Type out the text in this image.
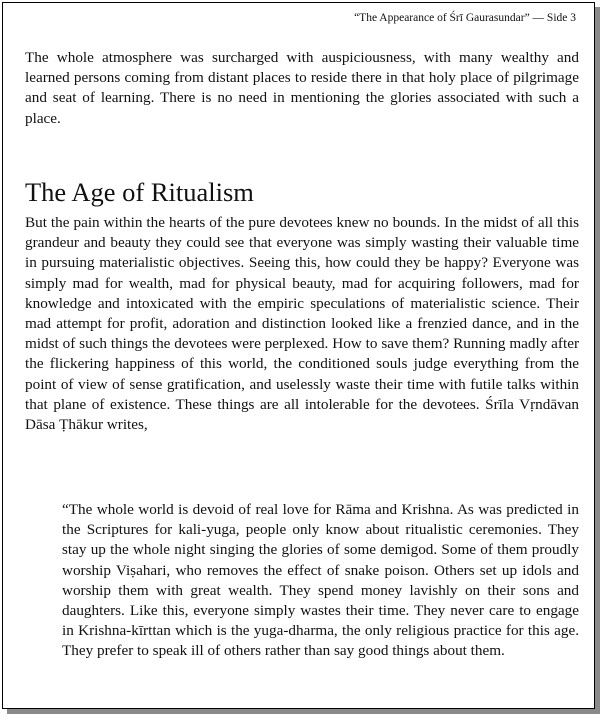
“The Appearance of Śrī Gaurasundar” — Side 3

The whole atmosphere was surcharged with auspiciousness, with many wealthy and learned persons coming from distant places to reside there in that holy place of pilgrimage and seat of learning. There is no need in mentioning the glories associated with such a place.

The Age of Ritualism

But the pain within the hearts of the pure devotees knew no bounds. In the midst of all this grandeur and beauty they could see that everyone was simply wasting their valuable time in pursuing materialistic objectives. Seeing this, how could they be happy? Everyone was simply mad for wealth, mad for physical beauty, mad for acquiring followers, mad for knowledge and intoxicated with the empiric speculations of materialistic science. Their mad attempt for profit, adoration and distinction looked like a frenzied dance, and in the midst of such things the devotees were perplexed. How to save them? Running madly after the flickering happiness of this world, the conditioned souls judge everything from the point of view of sense gratification, and uselessly waste their time with futile talks within that plane of existence. These things are all intolerable for the devotees. Śrīla Vṛndāvan Dāsa Ṭhākur writes,

“The whole world is devoid of real love for Rāma and Krishna. As was predicted in the Scriptures for kali-yuga, people only know about ritualistic ceremonies. They stay up the whole night singing the glories of some demigod. Some of them proudly worship Viṣahari, who removes the effect of snake poison. Others set up idols and worship them with great wealth. They spend money lavishly on their sons and daughters. Like this, everyone simply wastes their time. They never care to engage in Krishna-kīrttan which is the yuga-dharma, the only religious practice for this age. They prefer to speak ill of others rather than say good things about them.
